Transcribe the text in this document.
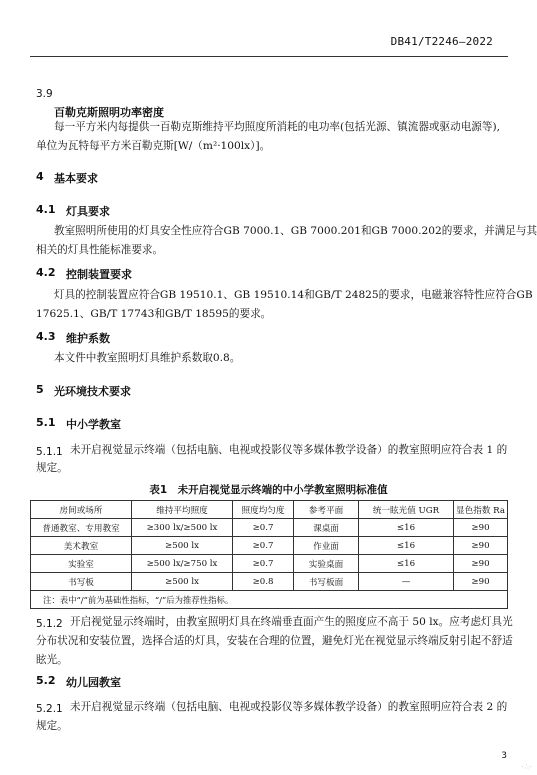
DB41/T2246—2022
3.9
百勒克斯照明功率密度
每一平方米内每提供一百勒克斯维持平均照度所消耗的电功率(包括光源、镇流器或驱动电源等),
单位为瓦特每平方米百勒克斯[W/（m²·100lx）]。
4 基本要求
4.1 灯具要求
教室照明所使用的灯具安全性应符合GB 7000.1、GB 7000.201和GB 7000.202的要求，并满足与其
相关的灯具性能标准要求。
4.2 控制装置要求
灯具的控制装置应符合GB 19510.1、GB 19510.14和GB/T 24825的要求，电磁兼容特性应符合GB
17625.1、GB/T 17743和GB/T 18595的要求。
4.3 维护系数
本文件中教室照明灯具维护系数取0.8。
5 光环境技术要求
5.1 中小学教室
5.1.1 未开启视觉显示终端（包括电脑、电视或投影仪等多媒体教学设备）的教室照明应符合表 1 的
规定。
表1　未开启视觉显示终端的中小学教室照明标准值
房间或场所	维持平均照度	照度均匀度	参考平面	统一眩光值 UGR	显色指数 Ra
普通教室、专用教室	≥300 lx/≥500 lx	≥0.7	课桌面	≤16	≥90
美术教室	≥500 lx	≥0.7	作业面	≤16	≥90
实验室	≥500 lx/≥750 lx	≥0.7	实验桌面	≤16	≥90
书写板	≥500 lx	≥0.8	书写板面	—	≥90
注：表中“/”前为基础性指标，“/”后为推荐性指标。					
5.1.2 开启视觉显示终端时，由教室照明灯具在终端垂直面产生的照度应不高于 50 lx。应考虑灯具光
分布状况和安装位置，选择合适的灯具，安装在合理的位置，避免灯光在视觉显示终端反射引起不舒适
眩光。
5.2 幼儿园教室
5.2.1 未开启视觉显示终端（包括电脑、电视或投影仪等多媒体教学设备）的教室照明应符合表 2 的
规定。
3
·∴·
